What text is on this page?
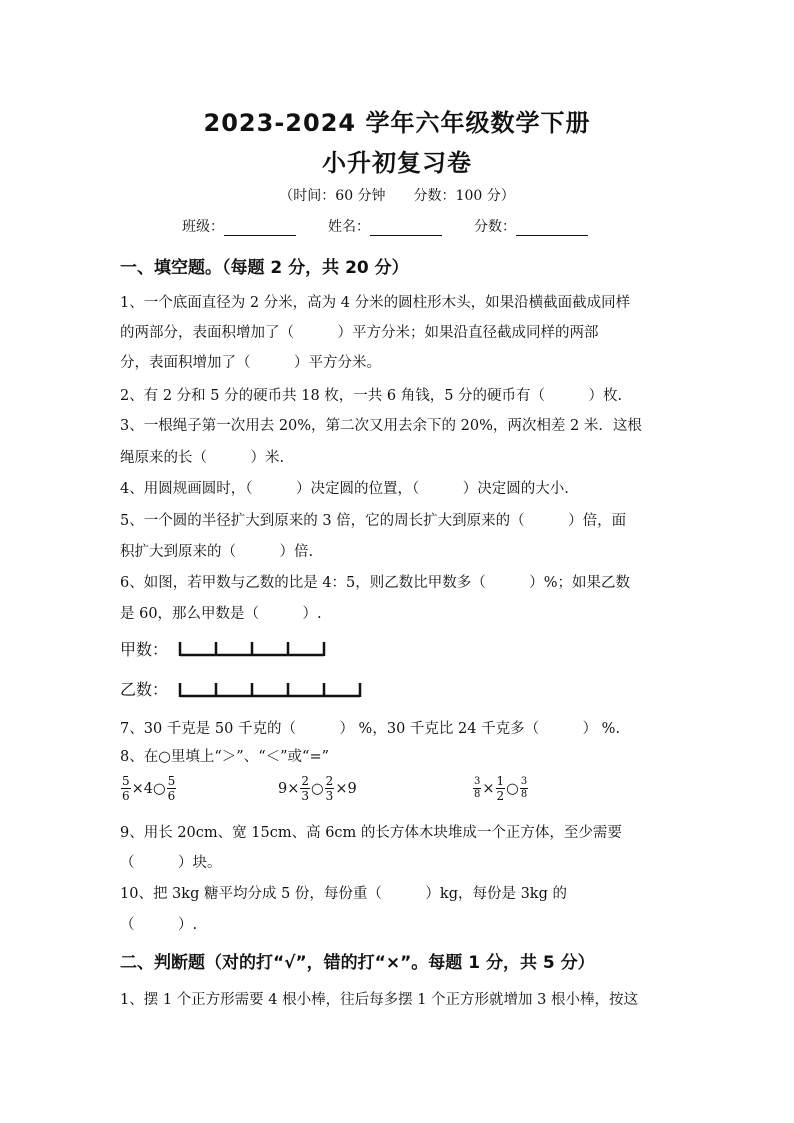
2023-2024 学年六年级数学下册
小升初复习卷
（时间：60 分钟　　分数：100 分）
班级：	姓名：	分数：
一、填空题。（每题 2 分，共 20 分）
1、一个底面直径为 2 分米，高为 4 分米的圆柱形木头，如果沿横截面截成同样
的两部分，表面积增加了（　　　）平方分米；如果沿直径截成同样的两部
分，表面积增加了（　　　）平方分米。
2、有 2 分和 5 分的硬币共 18 枚，一共 6 角钱，5 分的硬币有（　　　）枚.
3、一根绳子第一次用去 20%，第二次又用去余下的 20%，两次相差 2 米．这根
绳原来的长（　　　）米.
4、用圆规画圆时，（　　　）决定圆的位置，（　　　）决定圆的大小.
5、一个圆的半径扩大到原来的 3 倍，它的周长扩大到原来的（　　　）倍，面
积扩大到原来的（　　　）倍.
6、如图，若甲数与乙数的比是 4：5，则乙数比甲数多（　　　）%；如果乙数
是 60，那么甲数是（　　　）.
甲数：
乙数：
7、30 千克是 50 千克的（　　　） %，30 千克比 24 千克多（　　　） %.
8、在○里填上“＞”、“＜”或“=”
$\frac{5}{6}$ ×4○ $\frac{5}{6}$	$9\times \frac{2}{3}$ ○ $\frac{2}{3} \times 9$	$\frac{3}{8} \times \frac{1}{2}$ ○ $\frac{3}{8}$
9、用长 20cm、宽 15cm、高 6cm 的长方体木块堆成一个正方体，至少需要
（　　　）块。
10、把 3kg 糖平均分成 5 份，每份重（　　　）kg，每份是 3kg 的
（　　　）.
二、判断题（对的打“√”，错的打“×”。每题 1 分，共 5 分）
1、摆 1 个正方形需要 4 根小棒，往后每多摆 1 个正方形就增加 3 根小棒，按这
